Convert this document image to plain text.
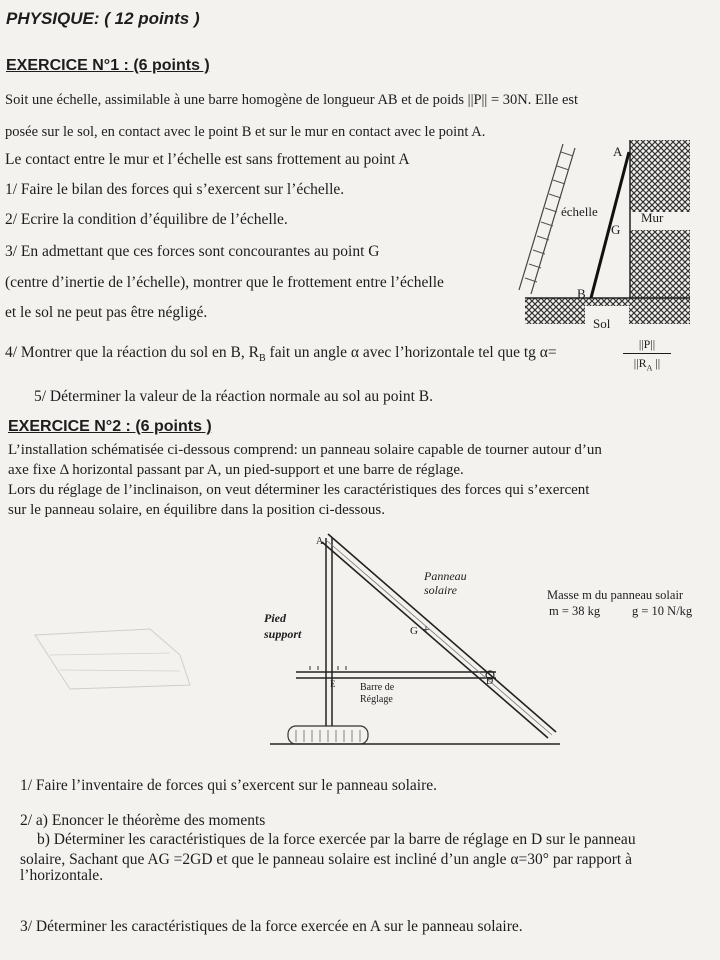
PHYSIQUE: ( 12 points )
EXERCICE N°1 : (6 points )
Soit une échelle, assimilable à une barre homogène de longueur AB et de poids ||P|| = 30N. Elle est
posée sur le sol, en contact avec le point B et sur le mur en contact avec le point A.
Le contact entre le mur et l’échelle est sans frottement au point A
1/ Faire le bilan des forces qui s’exercent sur l’échelle.
2/ Ecrire la condition d’équilibre de l’échelle.
3/ En admettant que ces forces sont concourantes au point G
(centre d’inertie de l’échelle), montrer que le frottement entre l’échelle
et le sol ne peut pas être négligé.
4/ Montrer que la réaction du sol en B, $R_B$ fait un angle α avec l’horizontale tel que tg α=	$\frac{||P||}{||R_A ||}$
5/ Déterminer la valeur de la réaction normale au sol au point B.
A
B
G
échelle	Mur
Sol
EXERCICE N°2 : (6 points )
L’installation schématisée ci-dessous comprend: un panneau solaire capable de tourner autour d’un
axe fixe Δ horizontal passant par A, un pied-support et une barre de réglage.
Lors du réglage de l’inclinaison, on veut déterminer les caractéristiques des forces qui s’exercent
sur le panneau solaire, en équilibre dans la position ci-dessous.
+
A
G
D
E
Panneau
solaire
Pied
support
Barre de
Réglage
Masse m du panneau solair
m = 38 kg	g = 10 N/kg
1/ Faire l’inventaire de forces qui s’exercent sur le panneau solaire.
2/ a) Enoncer le théorème des moments
b) Déterminer les caractéristiques de la force exercée par la barre de réglage en D sur le panneau
solaire, Sachant que AG =2GD et que le panneau solaire est incliné d’un angle α=30° par rapport à
l’horizontale.
3/ Déterminer les caractéristiques de la force exercée en A sur le panneau solaire.
